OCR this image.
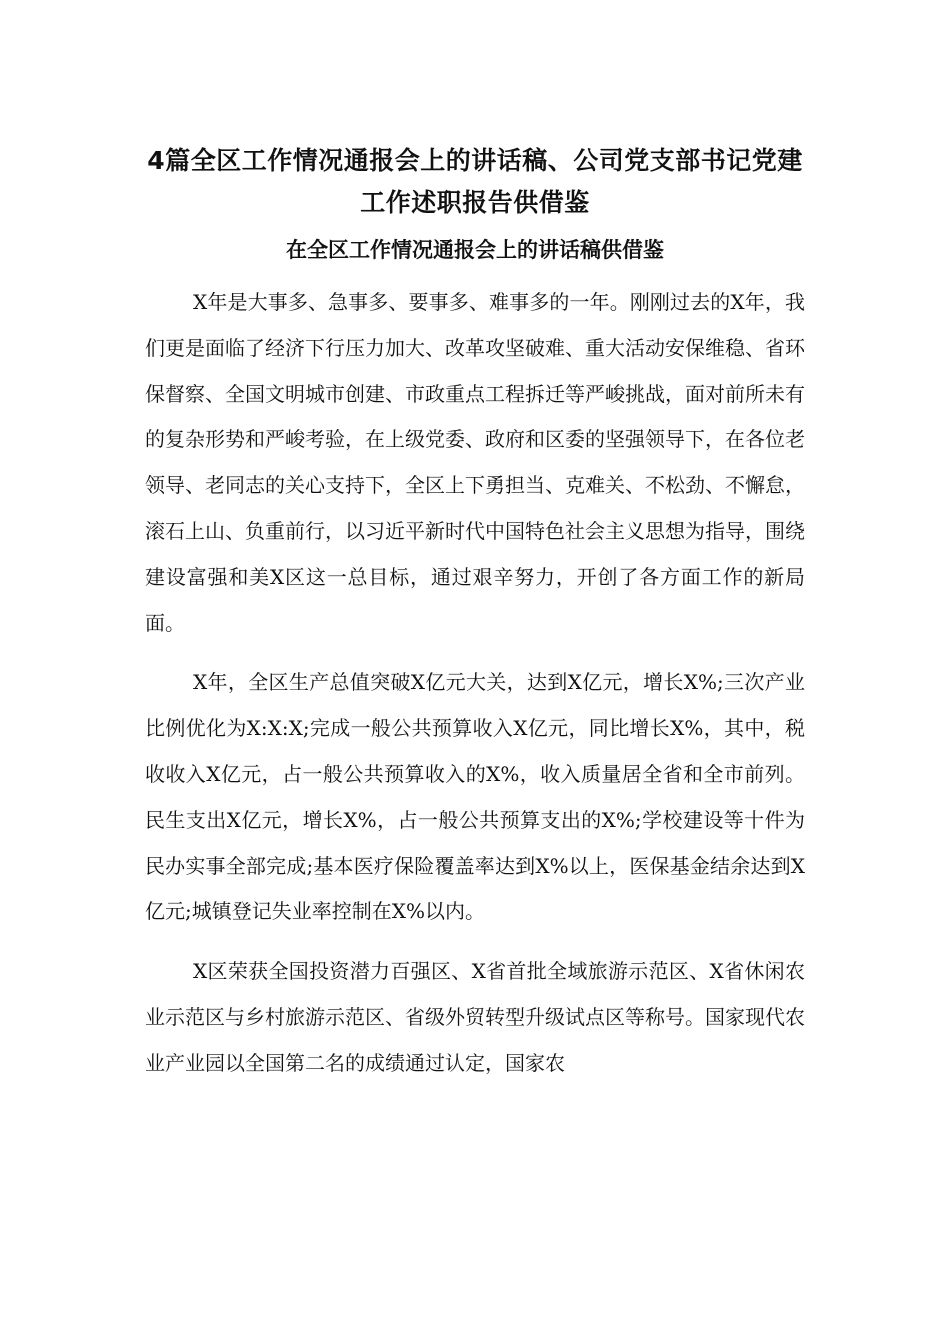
4篇全区工作情况通报会上的讲话稿、公司党支部书记党建工作述职报告供借鉴
在全区工作情况通报会上的讲话稿供借鉴

X年是大事多、急事多、要事多、难事多的一年。刚刚过去的X年，我们更是面临了经济下行压力加大、改革攻坚破难、重大活动安保维稳、省环保督察、全国文明城市创建、市政重点工程拆迁等严峻挑战，面对前所未有的复杂形势和严峻考验，在上级党委、政府和区委的坚强领导下，在各位老领导、老同志的关心支持下，全区上下勇担当、克难关、不松劲、不懈怠，滚石上山、负重前行，以习近平新时代中国特色社会主义思想为指导，围绕建设富强和美X区这一总目标，通过艰辛努力，开创了各方面工作的新局面。

X年，全区生产总值突破X亿元大关，达到X亿元，增长X%;三次产业比例优化为X:X:X;完成一般公共预算收入X亿元，同比增长X%，其中，税收收入X亿元，占一般公共预算收入的X%，收入质量居全省和全市前列。民生支出X亿元，增长X%，占一般公共预算支出的X%;学校建设等十件为民办实事全部完成;基本医疗保险覆盖率达到X%以上，医保基金结余达到X亿元;城镇登记失业率控制在X%以内。

X区荣获全国投资潜力百强区、X省首批全域旅游示范区、X省休闲农业示范区与乡村旅游示范区、省级外贸转型升级试点区等称号。国家现代农业产业园以全国第二名的成绩通过认定，国家农
